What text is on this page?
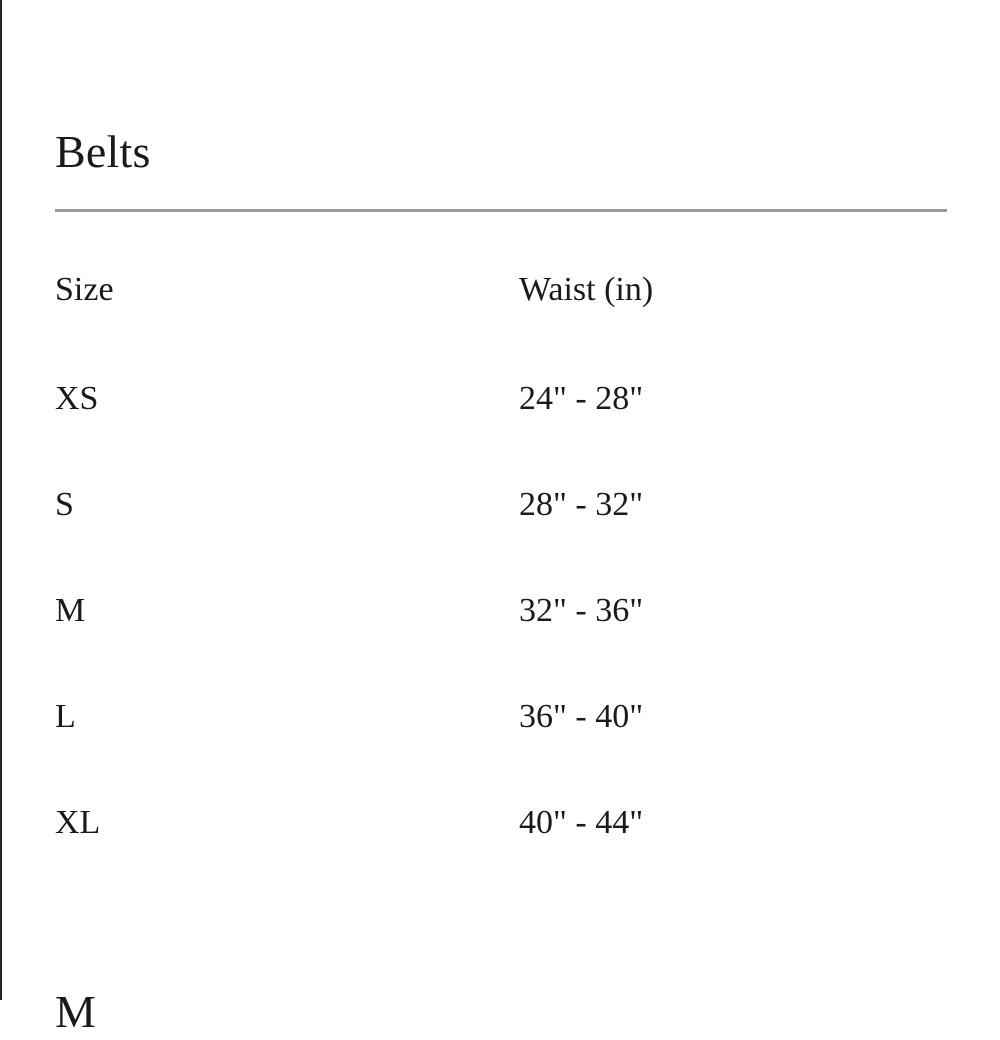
Belts
Size	Waist (in)
XS	24" - 28"
S	28" - 32"
M	32" - 36"
L	36" - 40"
XL	40" - 44"
M
